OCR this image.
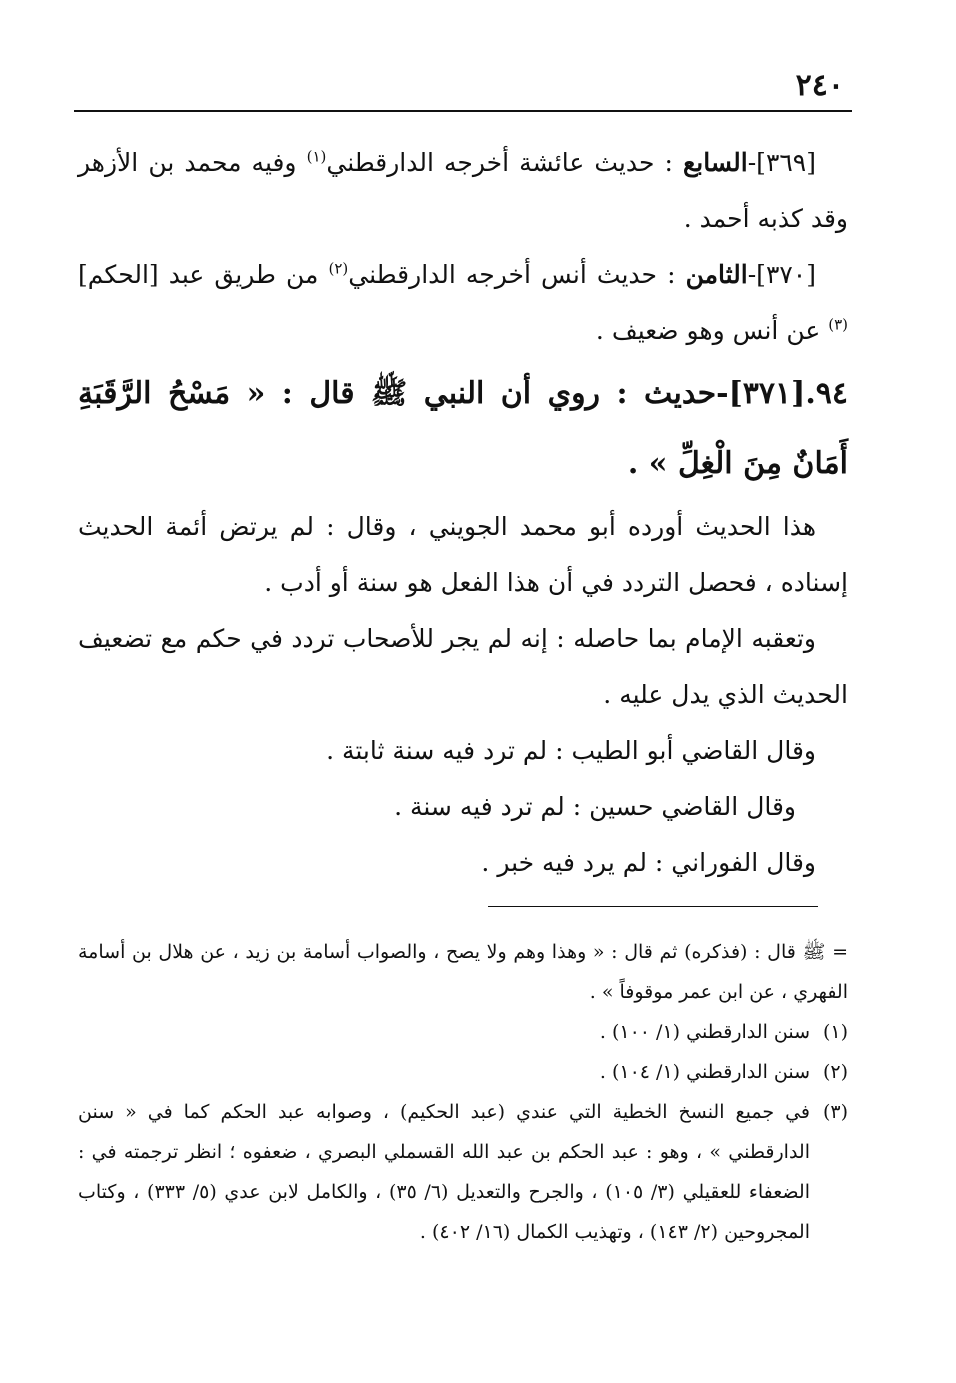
٢٤٠

[٣٦٩]-السابع : حديث عائشة أخرجه الدارقطني$^{(١)}$ وفيه محمد بن الأزهر وقد كذبه أحمد .

[٣٧٠]-الثامن : حديث أنس أخرجه الدارقطني$^{(٢)}$ من طريق عبد [الحكم]$^{(٣)}$ عن أنس وهو ضعيف .

٩٤.[٣٧١]-حديث : روي أن النبي ﷺ قال : « مَسْحُ الرَّقَبَةِ أَمَانٌ مِنَ الْغِلِّ » .

هذا الحديث أورده أبو محمد الجويني ، وقال : لم يرتض أئمة الحديث إسناده ، فحصل التردد في أن هذا الفعل هو سنة أو أدب .

وتعقبه الإمام بما حاصله : إنه لم يجر للأصحاب تردد في حكم مع تضعيف الحديث الذي يدل عليه .

وقال القاضي أبو الطيب : لم ترد فيه سنة ثابتة .

وقال القاضي حسين : لم ترد فيه سنة .

وقال الفوراني : لم يرد فيه خبر .

= ﷺ قال : (فذكره) ثم قال : « وهذا وهم ولا يصح ، والصواب أسامة بن زيد ، عن هلال بن أسامة الفهري ، عن ابن عمر موقوفاً » .

(١)
سنن الدارقطني (١/ ١٠٠) .

(٢)
سنن الدارقطني (١/ ١٠٤) .

(٣)
في جميع النسخ الخطية التي عندي (عبد الحكيم) ، وصوابه عبد الحكم كما في « سنن الدارقطني » ، وهو : عبد الحكم بن عبد الله القسملي البصري ، ضعفوه ؛ انظر ترجمته في : الضعفاء للعقيلي (٣/ ١٠٥) ، والجرح والتعديل (٦/ ٣٥) ، والكامل لابن عدي (٥/ ٣٣٣) ، وكتاب المجروحين (٢/ ١٤٣) ، وتهذيب الكمال (١٦/ ٤٠٢) .
